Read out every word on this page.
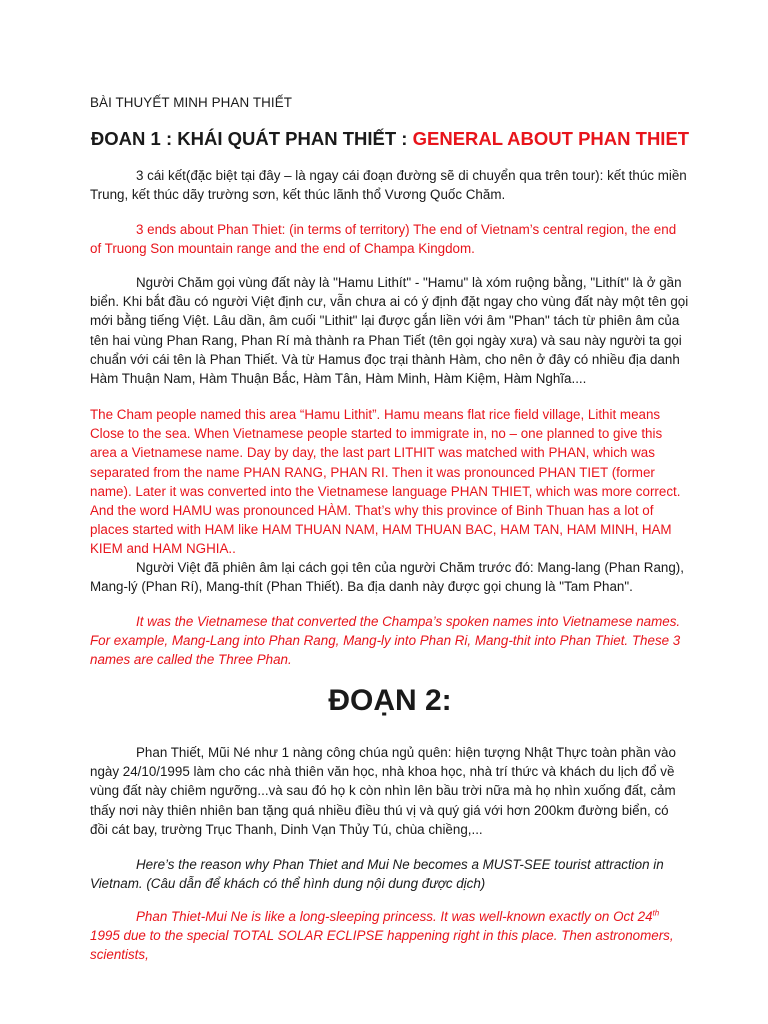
BÀI THUYẾT MINH PHAN THIẾT
ĐOAN 1 : KHÁI QUÁT PHAN THIẾT : GENERAL ABOUT PHAN THIET

3 cái kết(đặc biệt tại đây – là ngay cái đoạn đường sẽ di chuyển qua trên tour): kết thúc miền Trung, kết thúc dãy trường sơn, kết thúc lãnh thổ Vương Quốc Chăm.

3 ends about Phan Thiet: (in terms of territory) The end of Vietnam’s central region, the end of Truong Son mountain range and the end of Champa Kingdom.

Người Chăm gọi vùng đất này là "Hamu Lithít" - "Hamu" là xóm ruộng bằng, "Lithít" là ở gần biển. Khi bắt đầu có người Việt định cư, vẫn chưa ai có ý định đặt ngay cho vùng đất này một tên gọi mới bằng tiếng Việt. Lâu dần, âm cuối "Lithit" lại được gắn liền với âm "Phan" tách từ phiên âm của tên hai vùng Phan Rang, Phan Rí mà thành ra Phan Tiết (tên gọi ngày xưa) và sau này người ta gọi chuẩn với cái tên là Phan Thiết. Và từ Hamus đọc trại thành Hàm, cho nên ở đây có nhiều địa danh Hàm Thuận Nam, Hàm Thuận Bắc, Hàm Tân, Hàm Minh, Hàm Kiệm, Hàm Nghĩa....

The Cham people named this area “Hamu Lithit”. Hamu means flat rice field village, Lithit means Close to the sea. When Vietnamese people started to immigrate in, no – one planned to give this area a Vietnamese name. Day by day, the last part LITHIT was matched with PHAN, which was separated from the name PHAN RANG, PHAN RI. Then it was pronounced PHAN TIET (former name). Later it was converted into the Vietnamese language PHAN THIET, which was more correct. And the word HAMU was pronounced HÀM. That’s why this province of Binh Thuan has a lot of places started with HAM like HAM THUAN NAM, HAM THUAN BAC, HAM TAN, HAM MINH, HAM KIEM and HAM NGHIA..

Người Việt đã phiên âm lại cách gọi tên của người Chăm trước đó: Mang-lang (Phan Rang), Mang-lý (Phan Rí), Mang-thít (Phan Thiết). Ba địa danh này được gọi chung là "Tam Phan".

It was the Vietnamese that converted the Champa’s spoken names into Vietnamese names. For example, Mang-Lang into Phan Rang, Mang-ly into Phan Ri, Mang-thit into Phan Thiet. These 3 names are called the Three Phan.

ĐOẠN 2:

Phan Thiết, Mũi Né như 1 nàng công chúa ngủ quên: hiện tượng Nhật Thực toàn phần vào ngày 24/10/1995 làm cho các nhà thiên văn học, nhà khoa học, nhà trí thức và khách du lịch đổ về vùng đất này chiêm ngưỡng...và sau đó họ k còn nhìn lên bầu trời nữa mà họ nhìn xuống đất, cảm thấy nơi này thiên nhiên ban tặng quá nhiều điều thú vị và quý giá với hơn 200km đường biển, có đồi cát bay, trường Trục Thanh, Dinh Vạn Thủy Tú, chùa chiềng,...

Here’s the reason why Phan Thiet and Mui Ne becomes a MUST-SEE tourist attraction in Vietnam. (Câu dẫn để khách có thể hình dung nội dung được dịch)

Phan Thiet-Mui Ne is like a long-sleeping princess. It was well-known exactly on Oct 24th 1995 due to the special TOTAL SOLAR ECLIPSE happening right in this place. Then astronomers, scientists,
